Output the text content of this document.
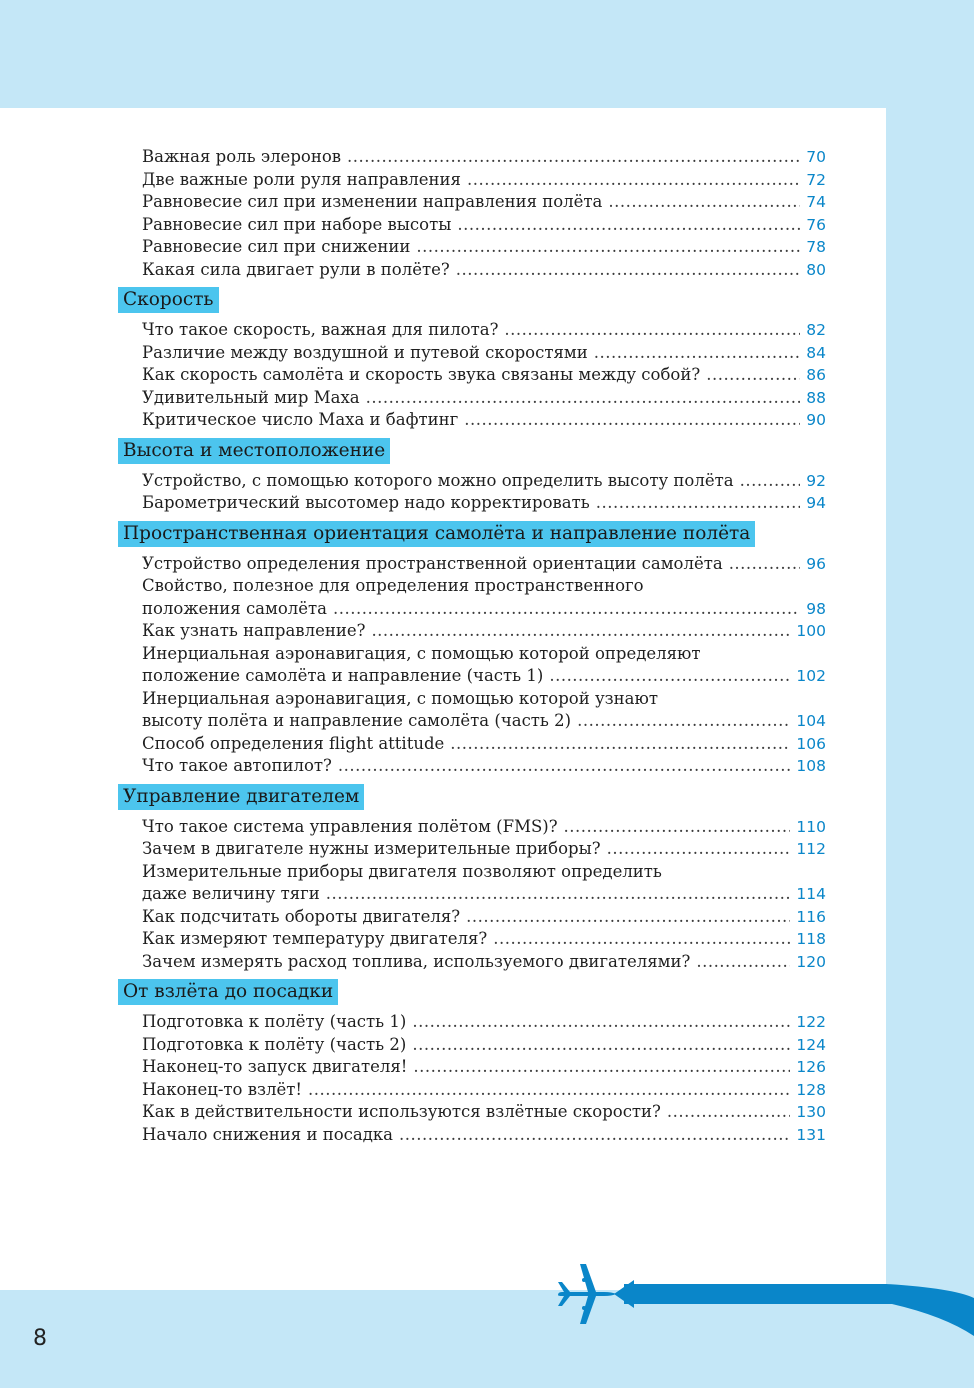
Важная роль элеронов .....	70
Две важные роли руля направления .....	72
Равновесие сил при изменении направления полёта .....	74
Равновесие сил при наборе высоты .....	76
Равновесие сил при снижении .....	78
Какая сила двигает рули в полёте? .....	80
Скорость
Что такое скорость, важная для пилота? .....	82
Различие между воздушной и путевой скоростями .....	84
Как скорость самолёта и скорость звука связаны между собой? .....	86
Удивительный мир Маха .....	88
Критическое число Маха и бафтинг .....	90
Высота и местоположение
Устройство, с помощью которого можно определить высоту полёта .....	92
Барометрический высотомер надо корректировать .....	94
Пространственная ориентация самолёта и направление полёта
Устройство определения пространственной ориентации самолёта .....	96
Свойство, полезное для определения пространственного
положения самолёта .....	98
Как узнать направление? .....	100
Инерциальная аэронавигация, с помощью которой определяют
положение самолёта и направление (часть 1) .....	102
Инерциальная аэронавигация, с помощью которой узнают
высоту полёта и направление самолёта (часть 2) .....	104
Способ определения flight attitude .....	106
Что такое автопилот? .....	108
Управление двигателем
Что такое система управления полётом (FMS)? .....	110
Зачем в двигателе нужны измерительные приборы? .....	112
Измерительные приборы двигателя позволяют определить
даже величину тяги .....	114
Как подсчитать обороты двигателя? .....	116
Как измеряют температуру двигателя? .....	118
Зачем измерять расход топлива, используемого двигателями? .....	120
От взлёта до посадки
Подготовка к полёту (часть 1) .....	122
Подготовка к полёту (часть 2) .....	124
Наконец-то запуск двигателя! .....	126
Наконец-то взлёт! .....	128
Как в действительности используются взлётные скорости? .....	130
Начало снижения и посадка .....	131
8
